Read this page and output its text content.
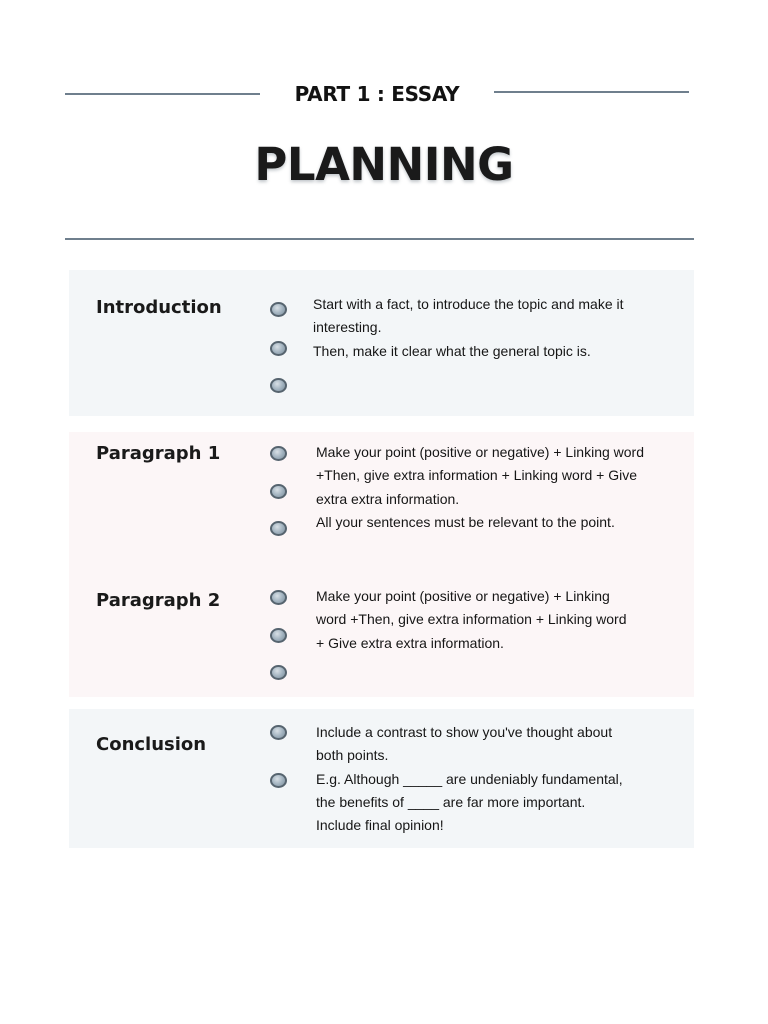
PART 1 : ESSAY
PLANNING
Introduction	Start with a fact, to introduce the topic and make it
interesting.
Then, make it clear what the general topic is.
Paragraph 1	Make your point (positive or negative) + Linking word
+Then, give extra information + Linking word + Give
extra extra information.
All your sentences must be relevant to the point.
Paragraph 2	Make your point (positive or negative) + Linking
word +Then, give extra information + Linking word
+ Give extra extra information.
Conclusion
Include a contrast to show you've thought about
both points.
E.g. Although _____ are undeniably fundamental,
the benefits of ____ are far more important.
Include final opinion!
